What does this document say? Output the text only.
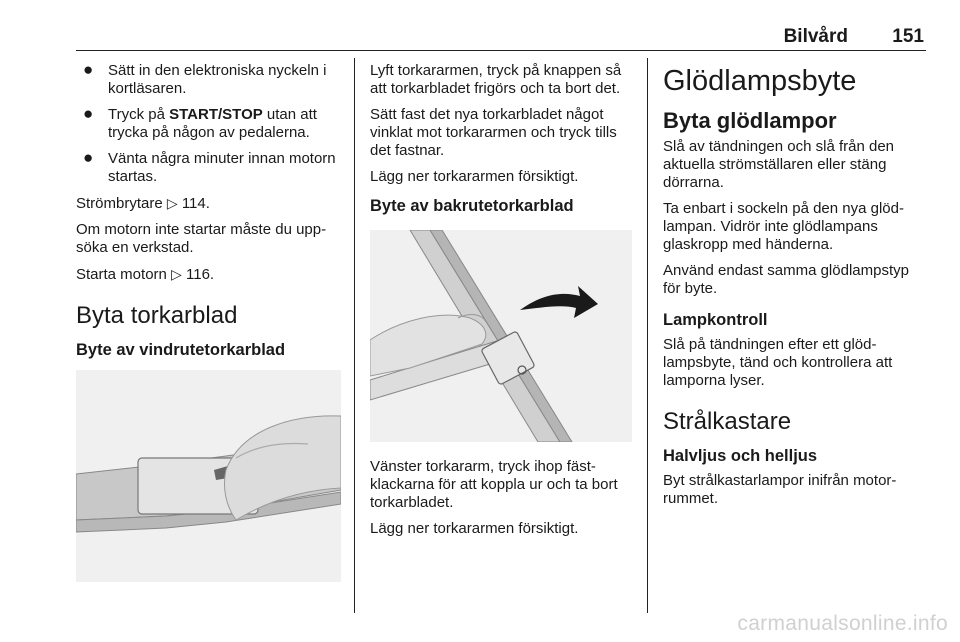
Bilvård 151
● Sätt in den elektroniska nyckeln i kortläsaren.
● Tryck på START/STOP utan att trycka på någon av pedalerna.
● Vänta några minuter innan motorn startas.

Strömbrytare ▷ 114.

Om motorn inte startar måste du upp-söka en verkstad.

Starta motorn ▷ 116.

Byta torkarblad
Byte av vindrutetorkarblad

Lyft torkararmen, tryck på knappen så att torkarbladet frigörs och ta bort det.

Sätt fast det nya torkarbladet något vinklat mot torkararmen och tryck tills det fastnar.

Lägg ner torkararmen försiktigt.

Byte av bakrutetorkarblad

Vänster torkararm, tryck ihop fäst-klackarna för att koppla ur och ta bort torkarbladet.

Lägg ner torkararmen försiktigt.

Glödlampsbyte
Byta glödlampor

Slå av tändningen och slå från den aktuella strömställaren eller stäng dörrarna.

Ta enbart i sockeln på den nya glöd-lampan. Vidrör inte glödlampans glaskropp med händerna.

Använd endast samma glödlampstyp för byte.

Lampkontroll

Slå på tändningen efter ett glöd-lampsbyte, tänd och kontrollera att lamporna lyser.

Strålkastare
Halvljus och helljus

Byt strålkastarlampor inifrån motor-rummet.

carmanualsonline.info
